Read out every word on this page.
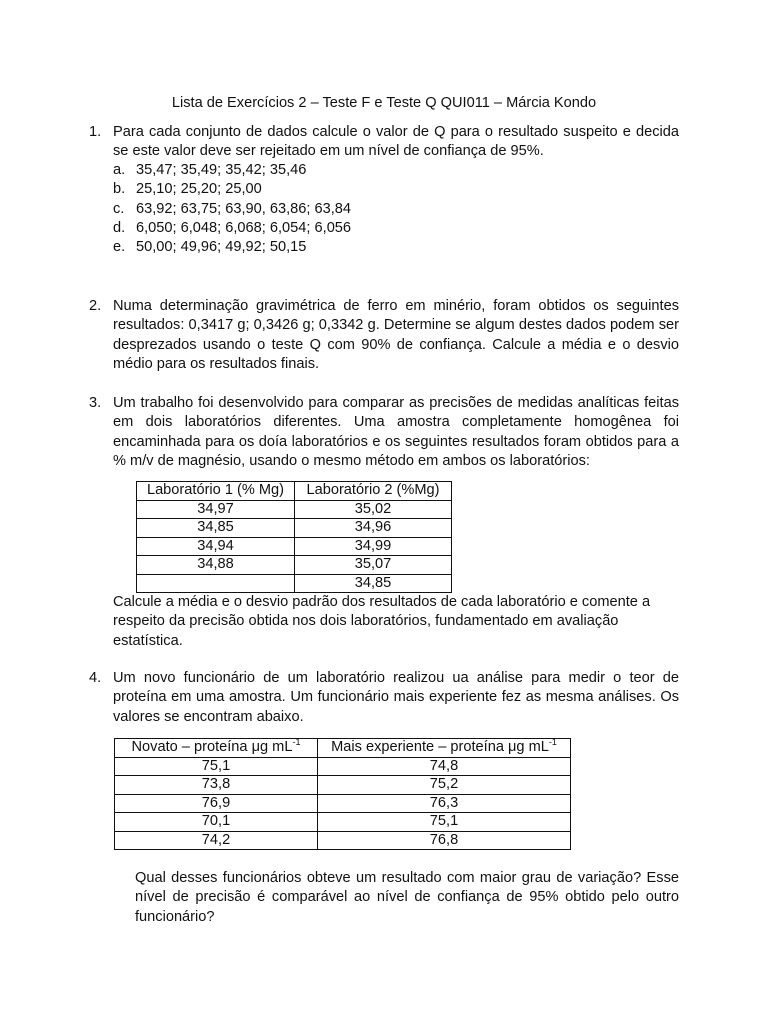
Lista de Exercícios 2 – Teste F e Teste Q QUI011 – Márcia Kondo
1. Para cada conjunto de dados calcule o valor de Q para o resultado suspeito e decida se este valor deve ser rejeitado em um nível de confiança de 95%.
a. 35,47; 35,49; 35,42; 35,46
b. 25,10; 25,20; 25,00
c. 63,92; 63,75; 63,90, 63,86; 63,84
d. 6,050; 6,048; 6,068; 6,054; 6,056
e. 50,00; 49,96; 49,92; 50,15
2. Numa determinação gravimétrica de ferro em minério, foram obtidos os seguintes resultados: 0,3417 g; 0,3426 g; 0,3342 g. Determine se algum destes dados podem ser desprezados usando o teste Q com 90% de confiança. Calcule a média e o desvio médio para os resultados finais.
3. Um trabalho foi desenvolvido para comparar as precisões de medidas analíticas feitas em dois laboratórios diferentes. Uma amostra completamente homogênea foi encaminhada para os doía laboratórios e os seguintes resultados foram obtidos para a % m/v de magnésio, usando o mesmo método em ambos os laboratórios:
Laboratório 1 (% Mg)	Laboratório 2 (%Mg)
34,97	35,02
34,85	34,96
34,94	34,99
34,88	35,07
	34,85
Calcule a média e o desvio padrão dos resultados de cada laboratório e comente a respeito da precisão obtida nos dois laboratórios, fundamentado em avaliação estatística.
4. Um novo funcionário de um laboratório realizou ua análise para medir o teor de proteína em uma amostra. Um funcionário mais experiente fez as mesma análises. Os valores se encontram abaixo.
Novato – proteína μg $mL^{-1}$	Mais experiente – proteína μg $mL^{-1}$
75,1	74,8
73,8	75,2
76,9	76,3
70,1	75,1
74,2	76,8
Qual desses funcionários obteve um resultado com maior grau de variação? Esse nível de precisão é comparável ao nível de confiança de 95% obtido pelo outro funcionário?
